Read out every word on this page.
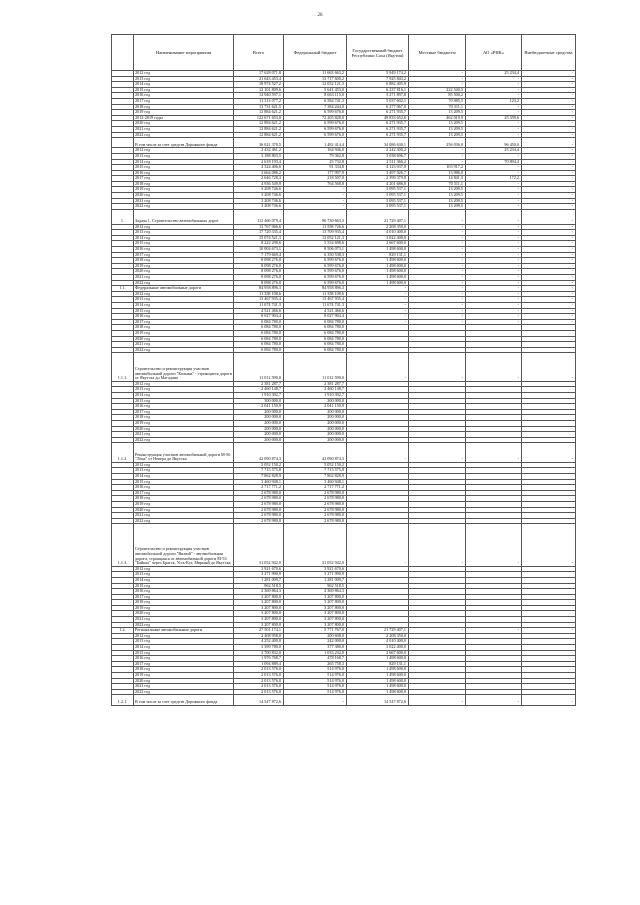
26
	Наименование мероприятия	Всего	Федеральный бюджет	Государственный бюджет Республики Саха (Якутия)	Местные бюджеты	АО «РИК»	Внебюджетные средства
	2012 год	17 628 071,8	11 663 663,2	5 949 174,2	-	25 234,4	-
	2013 год	21 643 453,4	13 717 600,2	7 925 843,2	-	-	-
	2014 год	18 974 527,2	12 052 121,3	6 882 405,9	-	-	-
	2015 год	12 101 809,6	5 641 453,0	6 237 816,1	222 540,5	-	-
	2016 год	14 940 597,1	8 663 115,0	5 271 897,8	85 500,2	-	-
	2017 год	11 313 077,2	6 584 741,3	5 037 602,1	70 985,5	123,2	-
	2018 год	13 731 621,5	7 384 244,0	6 277 067,0	70 311,1	-	-
	2019 год	12 884 621,2	6 599 676,0	6 271 935,7	13 209,5	-	-
	2012-2019 годы	122 671 653,0	72 205 828,0	49 833 652,6	462 019,9	25 359,6	-
	2020 год	12 884 621,2	6 599 676,0	6 271 935,7	13 209,5	-	-
	2021 год	12 884 621,2	6 599 676,0	6 271 935,7	13 209,5	-	-
	2022 год	12 884 621,2	6 599 676,0	6 271 935,7	13 209,5	-	-
	В том числе за счет средств Дорожного фонда	36 021 370,5	1 482 414,4	34 086 630,1	256 036,0	96 450,0	-
	2012 год	2 432 461,2	164 946,0	2 242 300,2	-	25 234,4	-
	2013 год	3 188 803,5	79 362,8	3 038 696,7	-	-	-
	2014 год	2 618 193,4	25 732,8	2 511 366,2	-	70 894,4	-
	2015 год	4 324 406,6	91 334,8	4 123 037,0	103 917,2	-	-
	2016 год	3 664 086,2	177 997,9	3 497 026,7	13 986,0	-	-
	2017 год	2 646 728,3	218 507,0	2 399 379,8	14 841,3	172,2	-
	2018 год	4 936 549,9	764 568,8	4 201 686,0	70 311,1	-	-
	2019 год	3 208 746,6	-	3 095 537,1	13 209,5	-	-
	2020 год	3 208 746,6	-	3 095 537,1	13 209,5	-	-
	2021 год	3 208 746,6	-	3 095 537,1	13 209,5	-	-
	2022 год	3 208 746,6	-	3 095 537,1	13 209,5	-	-
1.	Задача 1. Строительство автомобильных дорог	112 460 079,4	90 730 663,3	21 729 407,1	-	-	-
	2012 год	13 767 066,6	11 558 726,6	2 208 350,0	-	-	-
	2013 год	17 720 335,4	13 709 935,4	4 010 400,0	-	-	-
	2014 год	15 074 521,3	12 052 121,3	3 022 400,0	-	-	-
	2015 год	8 222 298,6	5 554 698,6	2 667 600,0	-	-	-
	2016 год	10 004 673,1	8 506 073,1	1 498 600,0	-	-	-
	2017 год	7 179 669,4	6 350 538,3	829 131,1	-	-	-
	2018 год	8 098 276,0	6 599 676,0	1 498 600,0	-	-	-
	2019 год	8 098 276,0	6 599 676,0	1 498 600,0	-	-	-
	2020 год	8 098 276,0	6 599 676,0	1 498 600,0	-	-	-
	2021 год	8 098 276,0	6 599 676,0	1 498 600,0	-	-	-
	2022 год	8 098 276,0	6 599 676,0	1 498 600,0	-	-	-
1.1.	Федеральные автомобильные дороги	84 958 896,3	84 958 896,3	-	-	-	-
	2012 год	11 358 108,6	11 358 108,6	-	-	-	-
	2013 год	13 467 935,4	13 467 935,4	-	-	-	-
	2014 год	11 674 741,3	11 674 741,3	-	-	-	-
	2015 год	4 521 466,6	4 521 466,6	-	-	-	-
	2016 год	8 027 904,4	8 027 904,4	-	-	-	-
	2017 год	6 084 780,0	6 084 780,0	-	-	-	-
	2018 год	6 084 780,0	6 084 780,0				
	2019 год	6 084 780,0	6 084 780,0				
	2020 год	6 084 780,0	6 084 780,0				
	2021 год	6 084 780,0	6 084 780,0				
	2022 год	6 084 780,0	6 084 780,0				
1.1.1.	Строительство и реконструкция участков автомобильной дороги "Колыма" - строящиеся дороги от Якутска до Магадана	11 012 590,0	11 012 590,0	-	-	-	-
	2012 год	2 381 287,7	2 381 287,7				
	2013 год	2 460 148,7	2 460 148,7				
	2014 год	1 910 392,7	1 910 392,7				
	2015 год	300 000,0	300 000,0				
	2016 год	2 041 150,9	2 041 150,9				
	2017 год	200 000,0	200 000,0				
	2018 год	200 000,0	200 000,0				
	2019 год	200 000,0	200 000,0				
	2020 год	200 000,0	200 000,0				
	2021 год	200 000,0	200 000,0				
	2022 год	200 000,0	200 000,0				
1.1.2.	Реконструкция участков автомобильной дороги М-56 "Лена" от Невера до Якутска	42 090 874,3	42 090 874,3	-	-	-	-
	2012 год	5 052 150,2	5 052 150,2				
	2013 год	7 715 575,8	7 715 575,8				
	2014 год	7 862 828,9	7 862 828,9				
	2015 год	3 460 948,1	3 460 948,1				
	2016 год	2 717 771,2	2 717 771,2				
	2017 год	2 678 980,0	2 678 980,0				
	2018 год	2 678 980,0	2 678 980,0				
	2019 год	2 678 980,0	2 678 980,0				
	2020 год	2 678 980,0	2 678 980,0				
	2021 год	2 678 980,0	2 678 980,0				
	2022 год	2 678 980,0	2 678 980,0				
1.1.3.	Строительство и реконструкция участков автомобильной дороги "Вилюй" - автомобильная дорога, строящаяся от автомобильной дороги М-53 "Байкал" через Братск, Усть-Кут, Мирный до Якутска	31 052 942,0	31 052 942,0	-	-	-	-
	2012 год	3 921 670,6	3 921 670,6				
	2013 год	3 271 990,9	3 271 990,9				
	2014 год	1 281 009,7	1 281 009,7				
	2015 год	962 518,5	962 518,5				
	2016 год	2 369 864,3	2 369 864,3				
	2017 год	3 207 800,0	3 207 800,0				
	2018 год	3 207 800,0	3 207 800,0				
	2019 год	3 207 800,0	3 207 800,0				
	2020 год	3 207 800,0	3 207 800,0				
	2021 год	3 207 800,0	3 207 800,0				
	2022 год	3 207 800,0	3 207 800,0				
1.2.	Региональные автомобильные дороги	27 501 174,1	5 771 767,0	21 729 407,1	-	-	-
	2012 год	2 408 958,0	200 608,0	2 208 350,0			
	2013 год	4 252 400,0	242 000,0	4 010 400,0			
	2014 год	3 399 780,0	377 380,0	3 022 400,0			
	2015 год	3 700 832,0	1 033 232,0	2 667 600,0			
	2016 год	1 976 768,7	478 168,7	1 498 600,0			
	2017 год	1 094 889,4	265 758,3	829 131,1			
	2018 год	2 013 576,0	514 976,0	1 498 600,0			
	2019 год	2 013 576,0	514 976,0	1 498 600,0			
	2020 год	2 013 576,0	514 976,0	1 498 600,0			
	2021 год	2 013 576,0	514 976,0	1 498 600,0			
	2022 год	2 013 576,0	514 976,0	1 498 600,0			
1.2.1.	В том числе за счет средств Дорожного фонда	14 547 872,6	-	14 547 872,6	-	-	-
